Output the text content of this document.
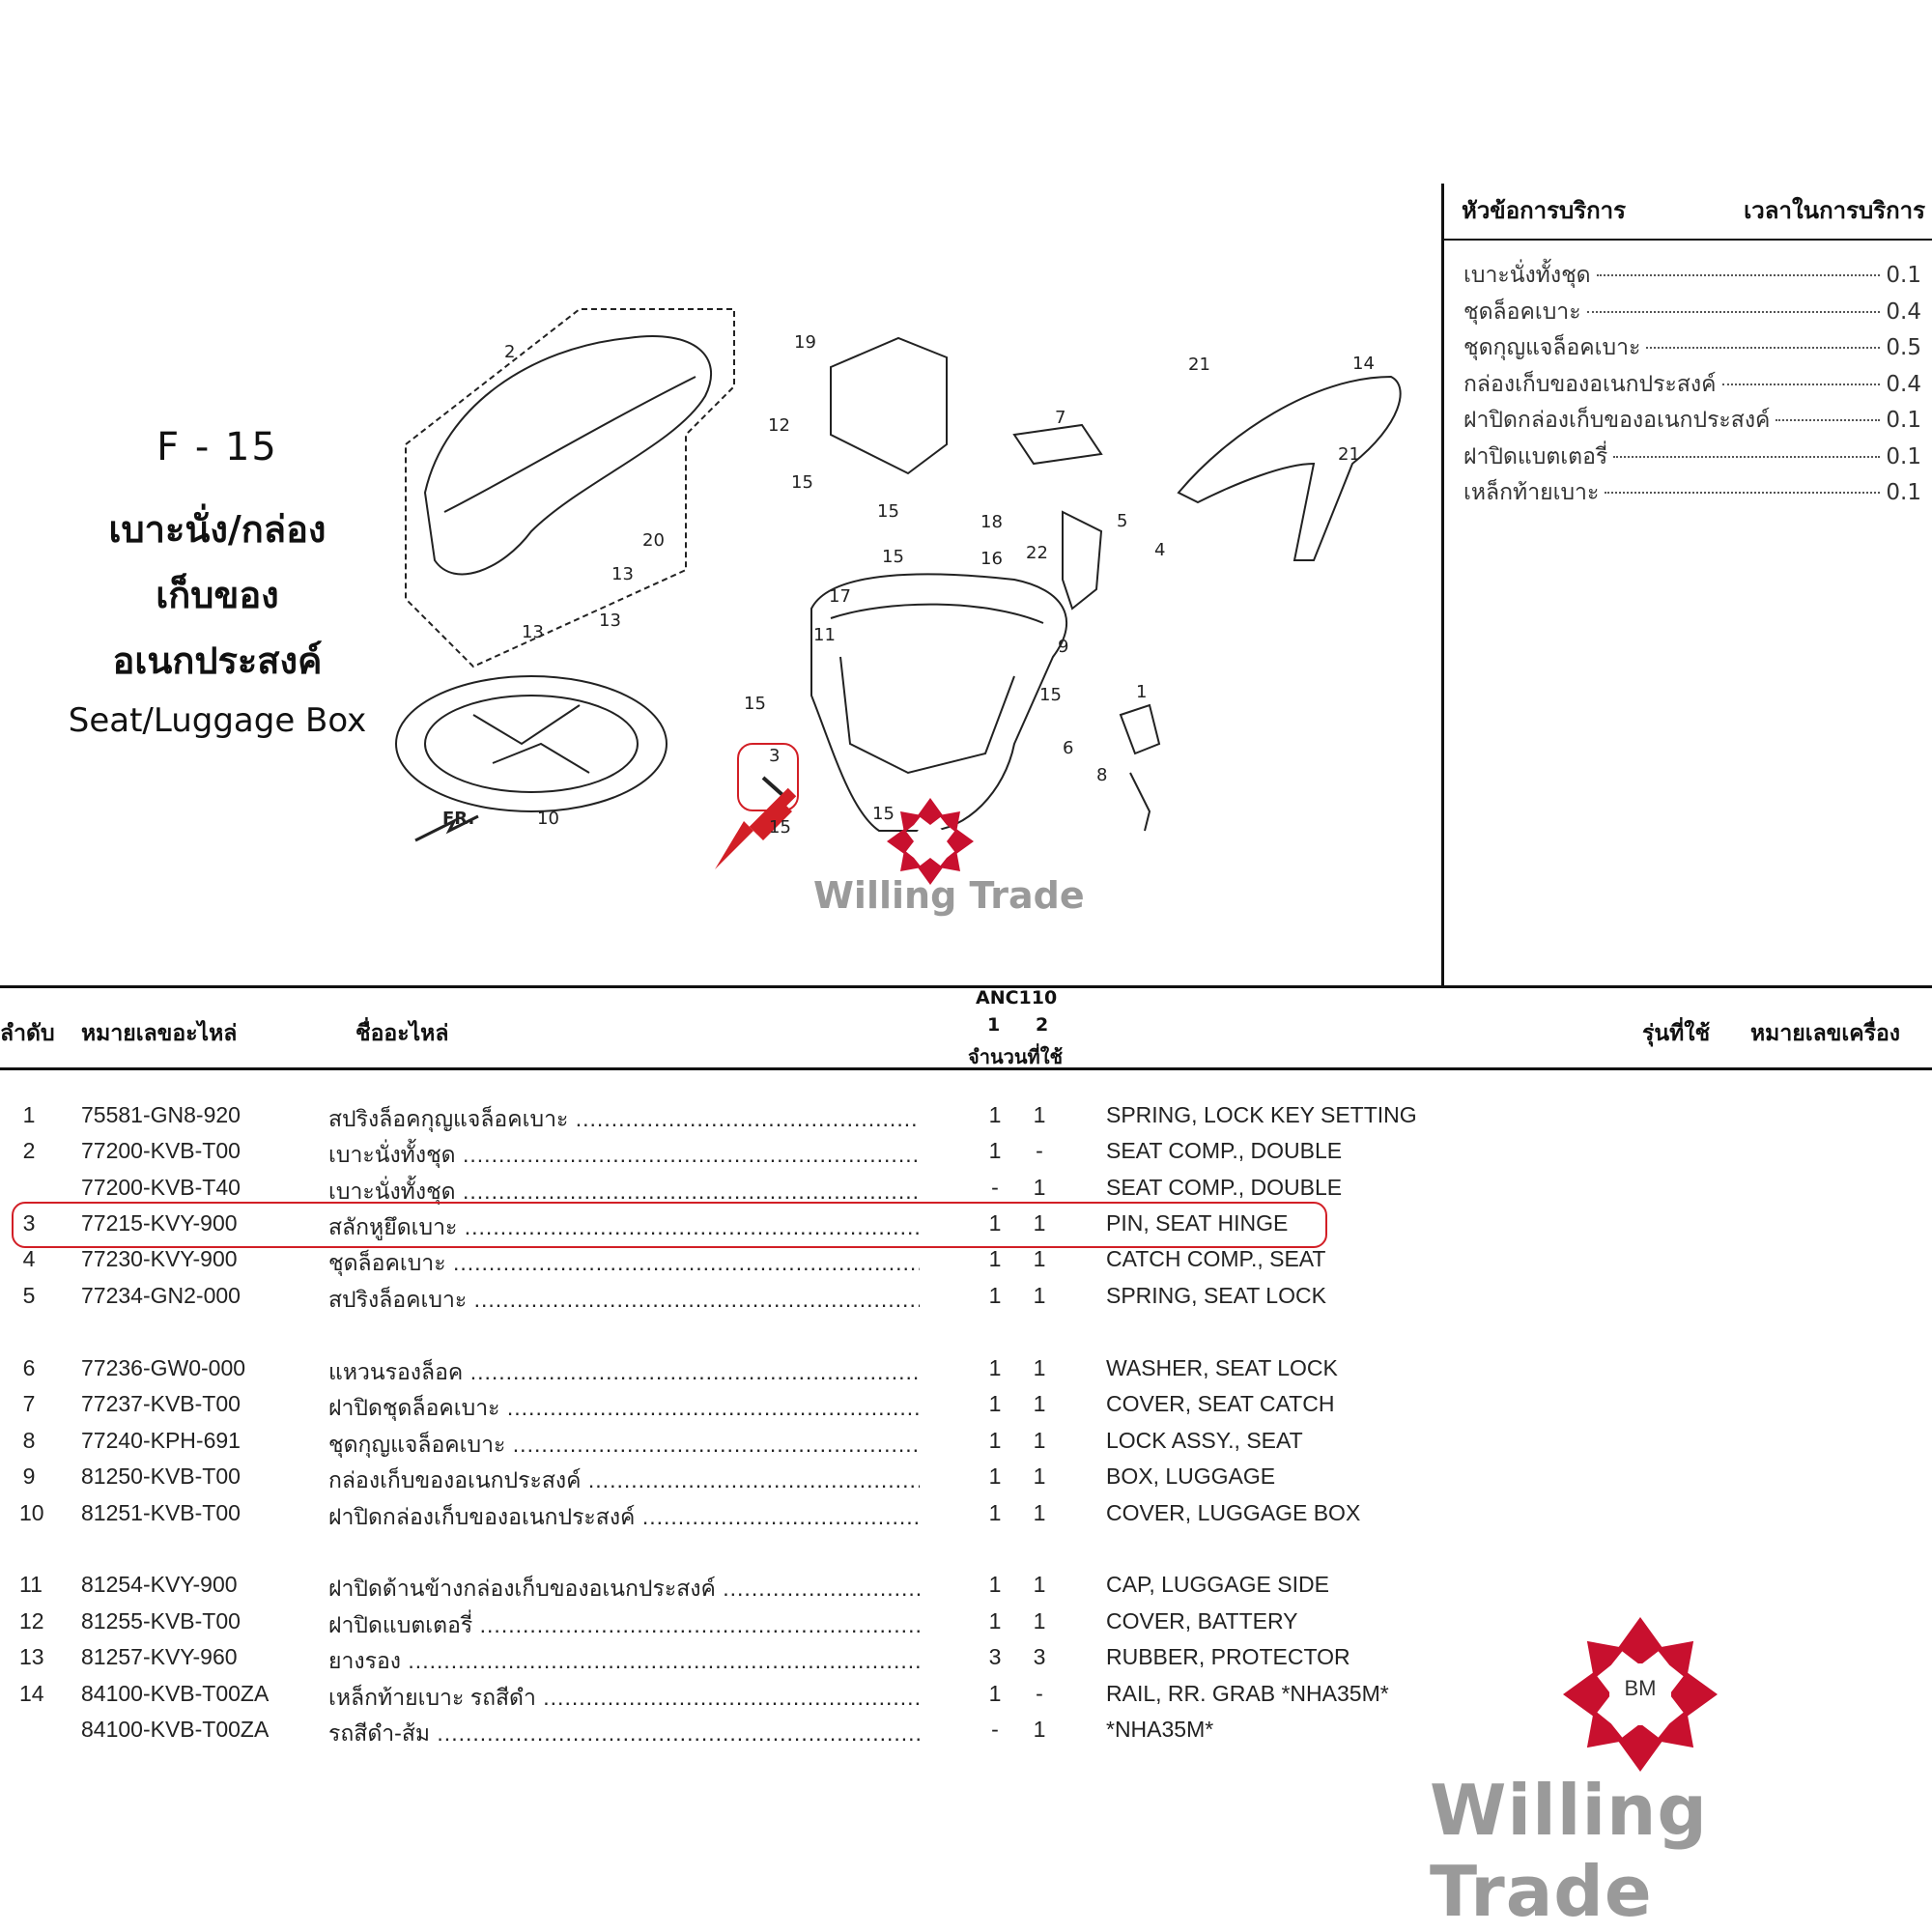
F - 15
เบาะนั่ง/กล่อง
เก็บของ
อเนกประสงค์
Seat/Luggage Box
2
20
13
13
13
10
19
12
15
15
17
11
15
3
15
15
7
18
16
15
22
5
4
9
15
6
1
8
21	14
21
FR.
Willing Trade
หัวข้อการบริการ	เวลาในการบริการ
เบาะนั่งทั้งชุด	0.1
ชุดล็อคเบาะ	0.4
ชุดกุญแจล็อคเบาะ	0.5
กล่องเก็บของอเนกประสงค์	0.4
ฝาปิดกล่องเก็บของอเนกประสงค์	0.1
ฝาปิดแบตเตอรี่	0.1
เหล็กท้ายเบาะ	0.1
ลำดับ หมายเลขอะไหล่	ชื่ออะไหล่
ANC110
1 2
จำนวนที่ใช้
รุ่นที่ใช้ หมายเลขเครื่อง
1 75581-GN8-920	สปริงล็อคกุญแจล็อคเบาะ .....	1 1	SPRING, LOCK KEY SETTING
2 77200-KVB-T00	เบาะนั่งทั้งชุด .....	1 -	SEAT COMP., DOUBLE
77200-KVB-T40	เบาะนั่งทั้งชุด .....	- 1	SEAT COMP., DOUBLE
3 77215-KVY-900	สลักหูยึดเบาะ .....	1 1	PIN, SEAT HINGE
4 77230-KVY-900	ชุดล็อคเบาะ .....	1 1	CATCH COMP., SEAT
5 77234-GN2-000	สปริงล็อคเบาะ .....	1 1	SPRING, SEAT LOCK
6 77236-GW0-000	แหวนรองล็อค .....	1 1	WASHER, SEAT LOCK
7 77237-KVB-T00	ฝาปิดชุดล็อคเบาะ .....	1 1	COVER, SEAT CATCH
8 77240-KPH-691	ชุดกุญแจล็อคเบาะ .....	1 1	LOCK ASSY., SEAT
9 81250-KVB-T00	กล่องเก็บของอเนกประสงค์ .....	1 1	BOX, LUGGAGE
10 81251-KVB-T00	ฝาปิดกล่องเก็บของอเนกประสงค์ .....	1 1	COVER, LUGGAGE BOX
11 81254-KVY-900	ฝาปิดด้านข้างกล่องเก็บของอเนกประสงค์ .....	1 1	CAP, LUGGAGE SIDE
12 81255-KVB-T00	ฝาปิดแบตเตอรี่ .....	1 1	COVER, BATTERY
13 81257-KVY-960	ยางรอง .....	3 3	RUBBER, PROTECTOR
14 84100-KVB-T00ZA	เหล็กท้ายเบาะ รถสีดำ .....	1 -	RAIL, RR. GRAB *NHA35M*
84100-KVB-T00ZA	รถสีดำ-ส้ม .....	- 1	*NHA35M*
BM
Willing Trade
